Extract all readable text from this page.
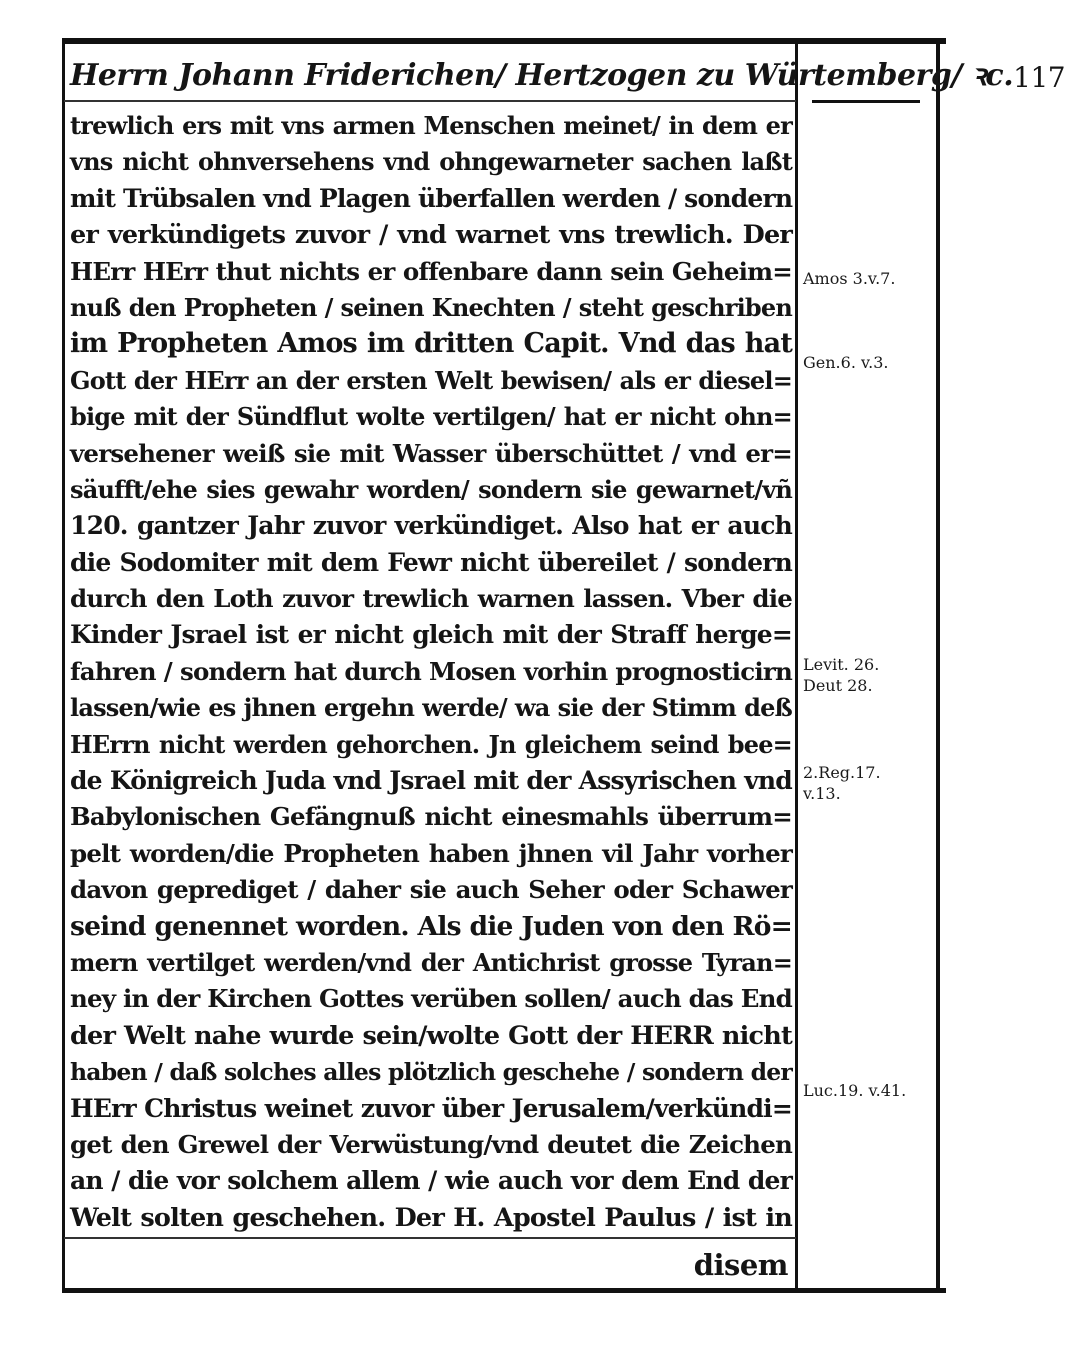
Herrn Johann Friderichen/ Hertzogen zu Würtemberg/ ꝛc. 117
trewlich ers mit vns armen Menschen meinet/ in dem er
vns nicht ohnversehens vnd ohngewarneter sachen laßt
mit Trübsalen vnd Plagen überfallen werden / sondern
er verkündigets zuvor / vnd warnet vns trewlich. Der
HErr HErr thut nichts er offenbare dann sein Geheim=
nuß den Propheten / seinen Knechten / steht geschriben
im Propheten Amos im dritten Capit. Vnd das hat
Gott der HErr an der ersten Welt bewisen/ als er diesel=
bige mit der Sündflut wolte vertilgen/ hat er nicht ohn=
versehener weiß sie mit Wasser überschüttet / vnd er=
säufft/ehe sies gewahr worden/ sondern sie gewarnet/vñ
120. gantzer Jahr zuvor verkündiget. Also hat er auch
die Sodomiter mit dem Fewr nicht übereilet / sondern
durch den Loth zuvor trewlich warnen lassen. Vber die
Kinder Jsrael ist er nicht gleich mit der Straff herge=
fahren / sondern hat durch Mosen vorhin prognosticirn
lassen/wie es jhnen ergehn werde/ wa sie der Stimm deß
HErrn nicht werden gehorchen. Jn gleichem seind bee=
de Königreich Juda vnd Jsrael mit der Assyrischen vnd
Babylonischen Gefängnuß nicht einesmahls überrum=
pelt worden/die Propheten haben jhnen vil Jahr vorher
davon geprediget / daher sie auch Seher oder Schawer
seind genennet worden. Als die Juden von den Rö=
mern vertilget werden/vnd der Antichrist grosse Tyran=
ney in der Kirchen Gottes verüben sollen/ auch das End
der Welt nahe wurde sein/wolte Gott der HERR nicht
haben / daß solches alles plötzlich geschehe / sondern der
HErr Christus weinet zuvor über Jerusalem/verkündi=
get den Grewel der Verwüstung/vnd deutet die Zeichen
an / die vor solchem allem / wie auch vor dem End der
Welt solten geschehen. Der H. Apostel Paulus / ist in
disem
Amos 3.v.7.
Gen.6. v.3.
Levit. 26.
Deut 28.
2.Reg.17.
v.13.
Luc.19. v.41.
